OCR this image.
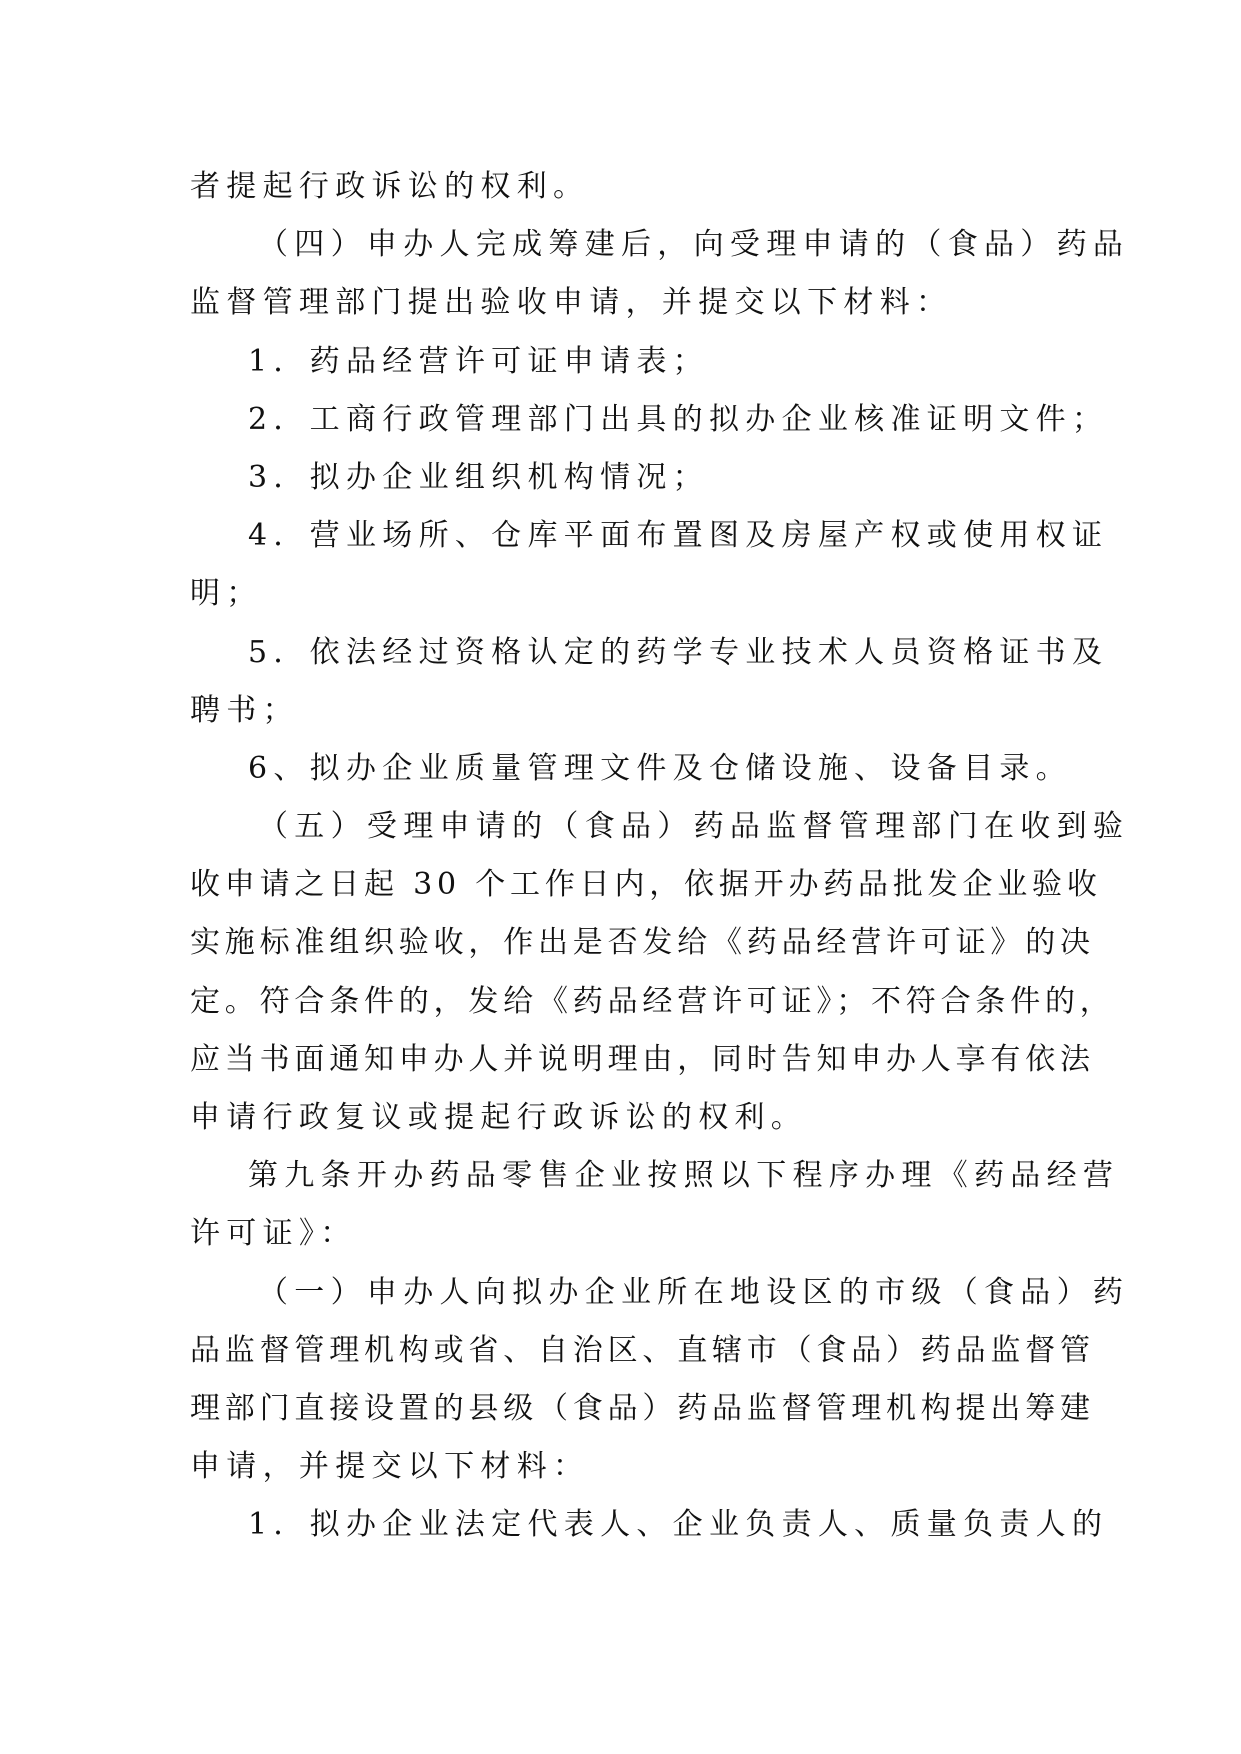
者提起行政诉讼的权利。
（四）申办人完成筹建后，向受理申请的（食品）药品
监督管理部门提出验收申请，并提交以下材料：
1．药品经营许可证申请表；
2．工商行政管理部门出具的拟办企业核准证明文件；
3．拟办企业组织机构情况；
4．营业场所、仓库平面布置图及房屋产权或使用权证
明；
5．依法经过资格认定的药学专业技术人员资格证书及
聘书；
6、拟办企业质量管理文件及仓储设施、设备目录。
（五）受理申请的（食品）药品监督管理部门在收到验
收申请之日起 30 个工作日内，依据开办药品批发企业验收
实施标准组织验收，作出是否发给《药品经营许可证》的决
定。符合条件的，发给《药品经营许可证》；不符合条件的，
应当书面通知申办人并说明理由，同时告知申办人享有依法
申请行政复议或提起行政诉讼的权利。
第九条开办药品零售企业按照以下程序办理《药品经营
许可证》：
（一）申办人向拟办企业所在地设区的市级（食品）药
品监督管理机构或省、自治区、直辖市（食品）药品监督管
理部门直接设置的县级（食品）药品监督管理机构提出筹建
申请，并提交以下材料：
1．拟办企业法定代表人、企业负责人、质量负责人的
